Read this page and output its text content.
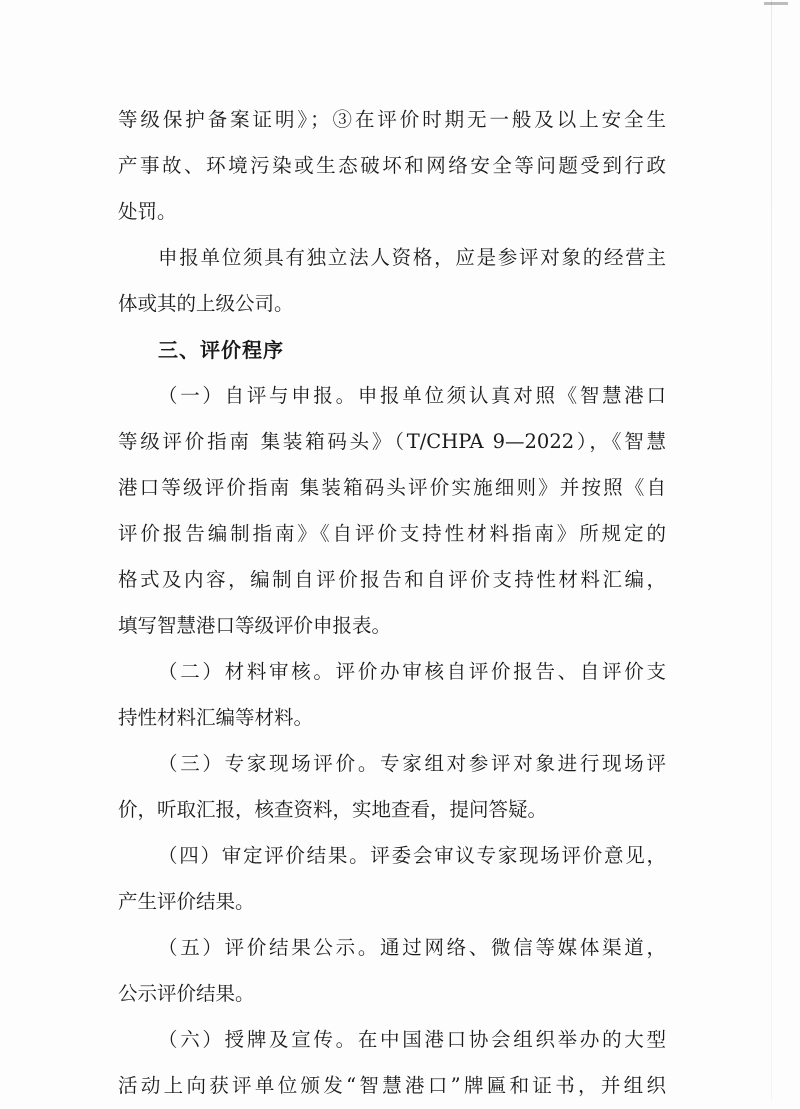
等级保护备案证明》；③在评价时期无一般及以上安全生
产事故、环境污染或生态破坏和网络安全等问题受到行政
处罚。
申报单位须具有独立法人资格，应是参评对象的经营主
体或其的上级公司。
三、评价程序
（一）自评与申报。申报单位须认真对照《智慧港口
等级评价指南 集装箱码头》（T/CHPA 9—2022），《智慧
港口等级评价指南 集装箱码头评价实施细则》并按照《自
评价报告编制指南》《自评价支持性材料指南》所规定的
格式及内容，编制自评价报告和自评价支持性材料汇编，
填写智慧港口等级评价申报表。
（二）材料审核。评价办审核自评价报告、自评价支
持性材料汇编等材料。
（三）专家现场评价。专家组对参评对象进行现场评
价，听取汇报，核查资料，实地查看，提问答疑。
（四）审定评价结果。评委会审议专家现场评价意见，
产生评价结果。
（五）评价结果公示。通过网络、微信等媒体渠道，
公示评价结果。
（六）授牌及宣传。在中国港口协会组织举办的大型
活动上向获评单位颁发“智慧港口”牌匾和证书，并组织
